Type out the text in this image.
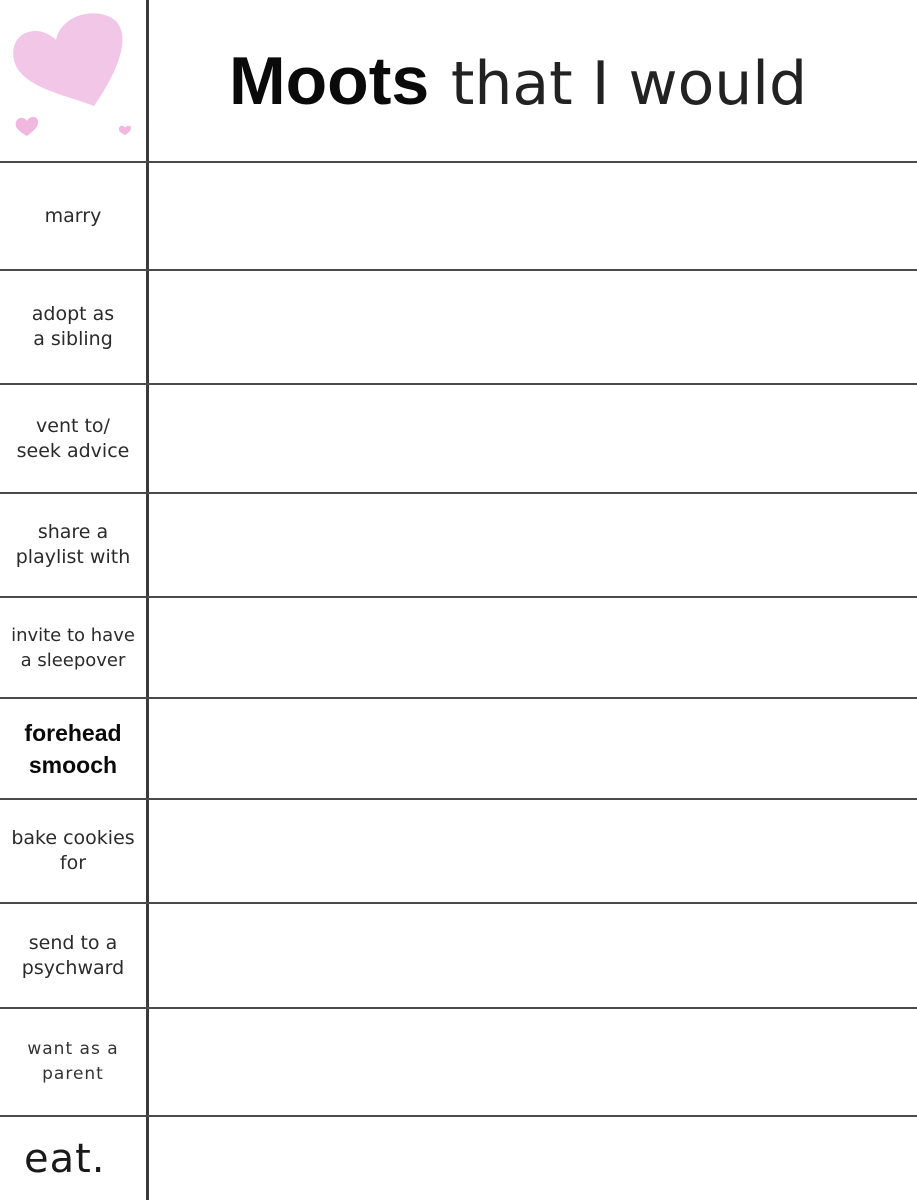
Moots that I would
marry
adopt as
a sibling
vent to/
seek advice
share a
playlist with
invite to have
a sleepover
forehead
smooch
bake cookies
for
send to a
psychward
want as a
parent
eat.
